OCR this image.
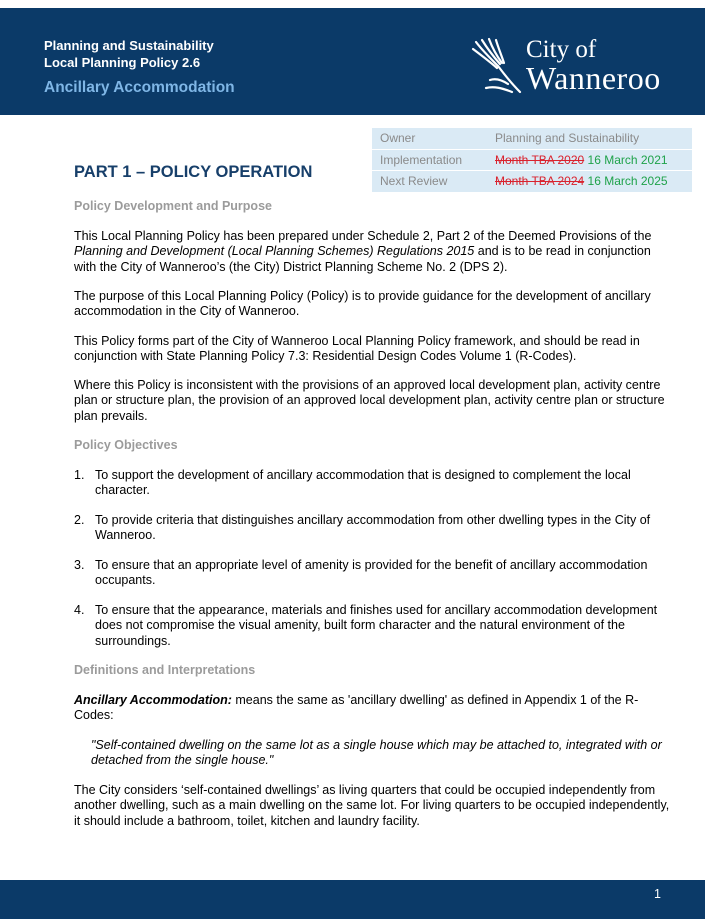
Planning and Sustainability
Local Planning Policy 2.6
Ancillary Accommodation
City of
Wanneroo
Owner	Planning and Sustainability
Implementation	Month TBA 2020 16 March 2021
Next Review	Month TBA 2024 16 March 2025
PART 1 – POLICY OPERATION
Policy Development and Purpose

This Local Planning Policy has been prepared under Schedule 2, Part 2 of the Deemed Provisions of the Planning and Development (Local Planning Schemes) Regulations 2015 and is to be read in conjunction with the City of Wanneroo’s (the City) District Planning Scheme No. 2 (DPS 2).

The purpose of this Local Planning Policy (Policy) is to provide guidance for the development of ancillary accommodation in the City of Wanneroo.

This Policy forms part of the City of Wanneroo Local Planning Policy framework, and should be read in conjunction with State Planning Policy 7.3: Residential Design Codes Volume 1 (R-Codes).

Where this Policy is inconsistent with the provisions of an approved local development plan, activity centre plan or structure plan, the provision of an approved local development plan, activity centre plan or structure plan prevails.

Policy Objectives
1. To support the development of ancillary accommodation that is designed to complement the local character.
2. To provide criteria that distinguishes ancillary accommodation from other dwelling types in the City of Wanneroo.
3. To ensure that an appropriate level of amenity is provided for the benefit of ancillary accommodation occupants.
4. To ensure that the appearance, materials and finishes used for ancillary accommodation development does not compromise the visual amenity, built form character and the natural environment of the surroundings.
Definitions and Interpretations

Ancillary Accommodation: means the same as 'ancillary dwelling' as defined in Appendix 1 of the R-Codes:

"Self-contained dwelling on the same lot as a single house which may be attached to, integrated with or detached from the single house."

The City considers ‘self-contained dwellings’ as living quarters that could be occupied independently from another dwelling, such as a main dwelling on the same lot. For living quarters to be occupied independently, it should include a bathroom, toilet, kitchen and laundry facility.

1
